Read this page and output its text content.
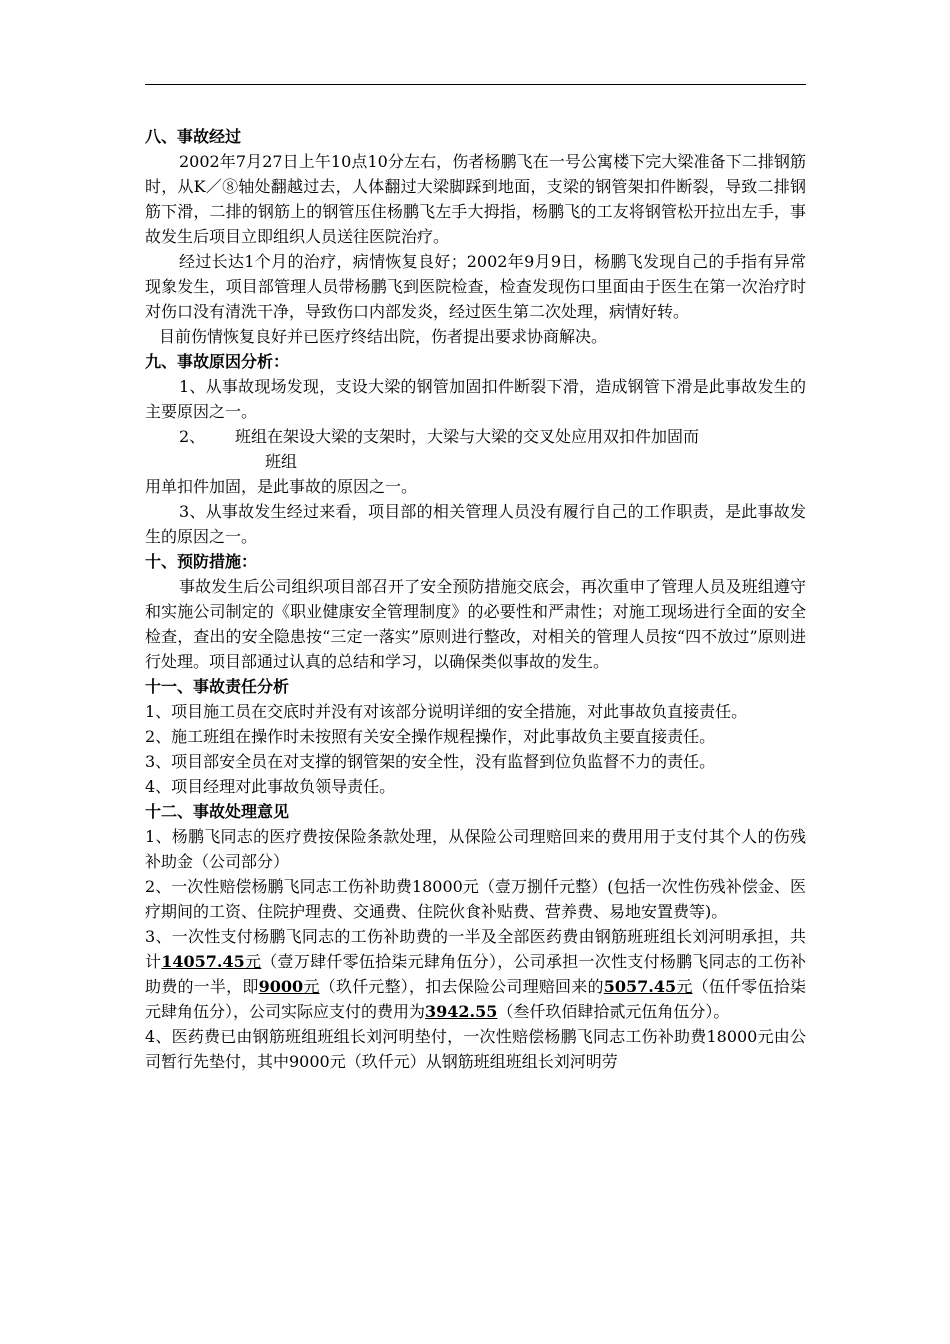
八、事故经过

2002年7月27日上午10点10分左右，伤者杨鹏飞在一号公寓楼下完大梁准备下二排钢筋时，从K／⑧轴处翻越过去，人体翻过大梁脚踩到地面，支梁的钢管架扣件断裂，导致二排钢筋下滑，二排的钢筋上的钢管压住杨鹏飞左手大拇指，杨鹏飞的工友将钢管松开拉出左手，事故发生后项目立即组织人员送往医院治疗。

经过长达1个月的治疗，病情恢复良好；2002年9月9日，杨鹏飞发现自己的手指有异常现象发生，项目部管理人员带杨鹏飞到医院检查，检查发现伤口里面由于医生在第一次治疗时对伤口没有清洗干净，导致伤口内部发炎，经过医生第二次处理，病情好转。

目前伤情恢复良好并已医疗终结出院，伤者提出要求协商解决。

九、事故原因分析：

1、从事故现场发现，支设大梁的钢管加固扣件断裂下滑，造成钢管下滑是此事故发生的主要原因之一。

2、	班组在架设大梁的支架时，大梁与大梁的交叉处应用双扣件加固而
班组

用单扣件加固，是此事故的原因之一。

3、从事故发生经过来看，项目部的相关管理人员没有履行自己的工作职责，是此事故发生的原因之一。

十、预防措施：

事故发生后公司组织项目部召开了安全预防措施交底会，再次重申了管理人员及班组遵守和实施公司制定的《职业健康安全管理制度》的必要性和严肃性；对施工现场进行全面的安全检查，查出的安全隐患按“三定一落实”原则进行整改，对相关的管理人员按“四不放过”原则进行处理。项目部通过认真的总结和学习，以确保类似事故的发生。

十一、事故责任分析

1、项目施工员在交底时并没有对该部分说明详细的安全措施，对此事故负直接责任。

2、施工班组在操作时未按照有关安全操作规程操作，对此事故负主要直接责任。

3、项目部安全员在对支撑的钢管架的安全性，没有监督到位负监督不力的责任。

4、项目经理对此事故负领导责任。

十二、事故处理意见

1、杨鹏飞同志的医疗费按保险条款处理，从保险公司理赔回来的费用用于支付其个人的伤残补助金（公司部分）

2、一次性赔偿杨鹏飞同志工伤补助费18000元（壹万捌仟元整）(包括一次性伤残补偿金、医疗期间的工资、住院护理费、交通费、住院伙食补贴费、营养费、易地安置费等)。

3、一次性支付杨鹏飞同志的工伤补助费的一半及全部医药费由钢筋班班组长刘河明承担，共计14057.45元（壹万肆仟零伍拾柒元肆角伍分），公司承担一次性支付杨鹏飞同志的工伤补助费的一半，即9000元（玖仟元整），扣去保险公司理赔回来的5057.45元（伍仟零伍拾柒元肆角伍分），公司实际应支付的费用为3942.55（叁仟玖佰肆拾贰元伍角伍分）。

4、医药费已由钢筋班组班组长刘河明垫付，一次性赔偿杨鹏飞同志工伤补助费18000元由公司暂行先垫付，其中9000元（玖仟元）从钢筋班组班组长刘河明劳
